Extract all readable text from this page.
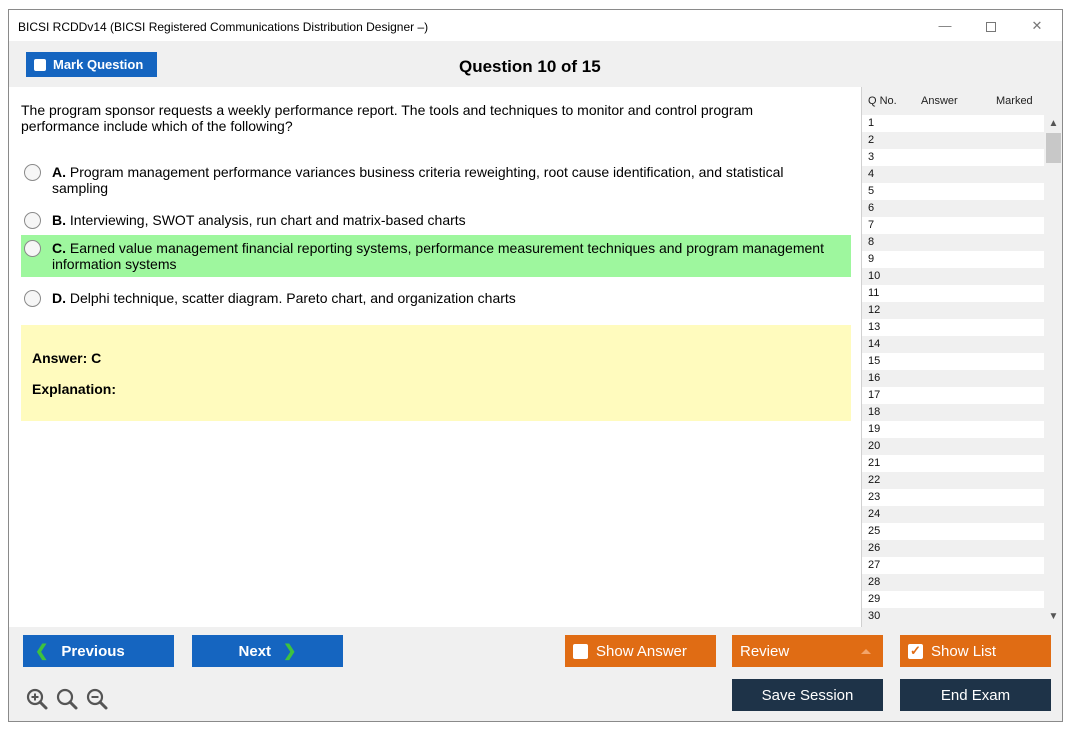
BICSI RCDDv14 (BICSI Registered Communications Distribution Designer –)	—	✕
Mark Question	Question 10 of 15
The program sponsor requests a weekly performance report. The tools and techniques to monitor and control program performance include which of the following?
A. Program management performance variances business criteria reweighting, root cause identification, and statistical sampling
B. Interviewing, SWOT analysis, run chart and matrix-based charts
C. Earned value management financial reporting systems, performance measurement techniques and program management information systems
D. Delphi technique, scatter diagram. Pareto chart, and organization charts
Answer: C
Explanation:
Q No. Answer	Marked
1
2
3
4
5
6
7
8
9
10
11
12
13
14
15
16
17
18
19
20
21
22
23
24
25
26
27
28
29
30
▲
▼
❮ Previous	Next ❯	Show Answer	Review	✓ Show List
Save Session	End Exam
